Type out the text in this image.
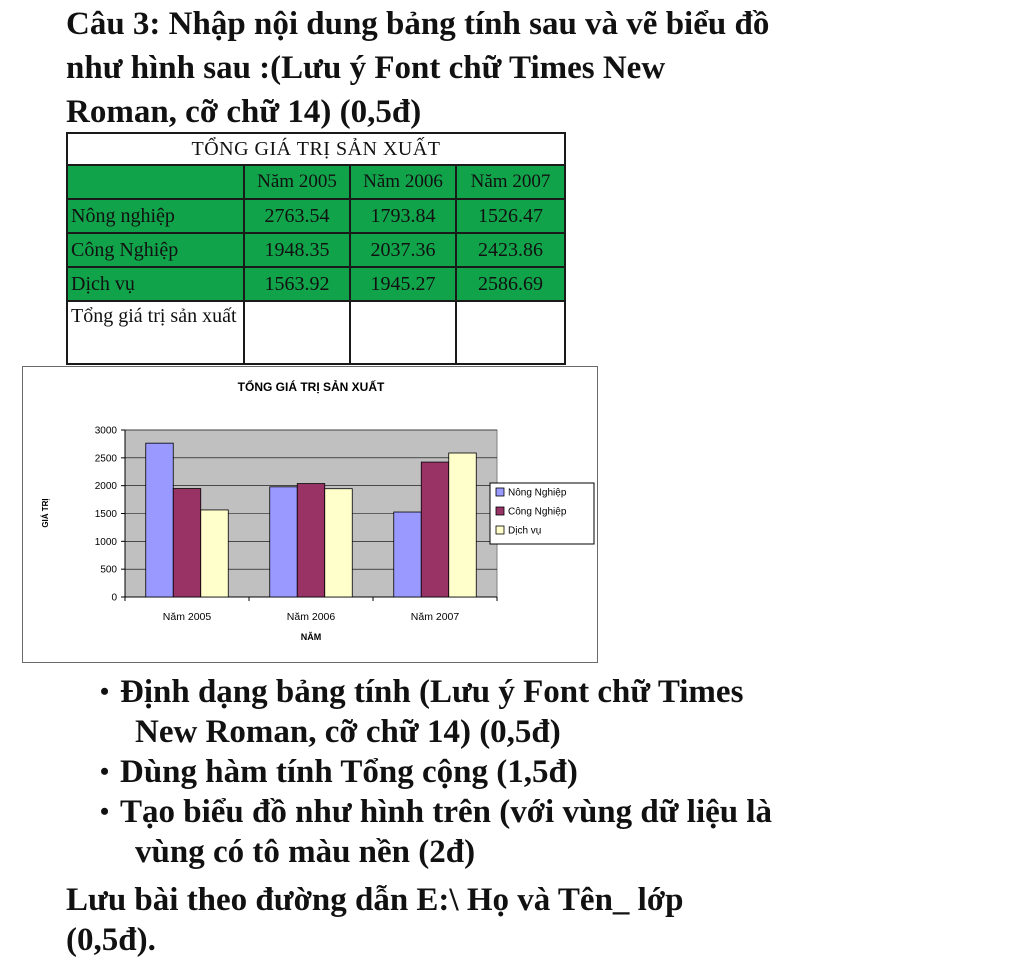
Câu 3: Nhập nội dung bảng tính sau và vẽ biểu đồ
như hình sau :(Lưu ý Font chữ Times New
Roman, cỡ chữ 14) (0,5đ)
TỔNG GIÁ TRỊ SẢN XUẤT			
	Năm 2005	Năm 2006	Năm 2007
Nông nghiệp	2763.54	1793.84	1526.47
Công Nghiệp	1948.35	2037.36	2423.86
Dịch vụ	1563.92	1945.27	2586.69
Tổng giá trị sản xuất			
0
500
1000
1500
2000
2500
3000
Năm 2005	Năm 2006	Năm 2007
TỔNG GIÁ TRỊ SẢN XUẤT
NĂM
GIÁ TRỊ
Nông Nghiệp
Công Nghiệp
Dịch vụ
• Định dạng bảng tính (Lưu ý Font chữ Times
New Roman, cỡ chữ 14) (0,5đ)
• Dùng hàm tính Tổng cộng (1,5đ)
• Tạo biểu đồ như hình trên (với vùng dữ liệu là
vùng có tô màu nền (2đ)
Lưu bài theo đường dẫn E:\ Họ và Tên_ lớp
(0,5đ).
